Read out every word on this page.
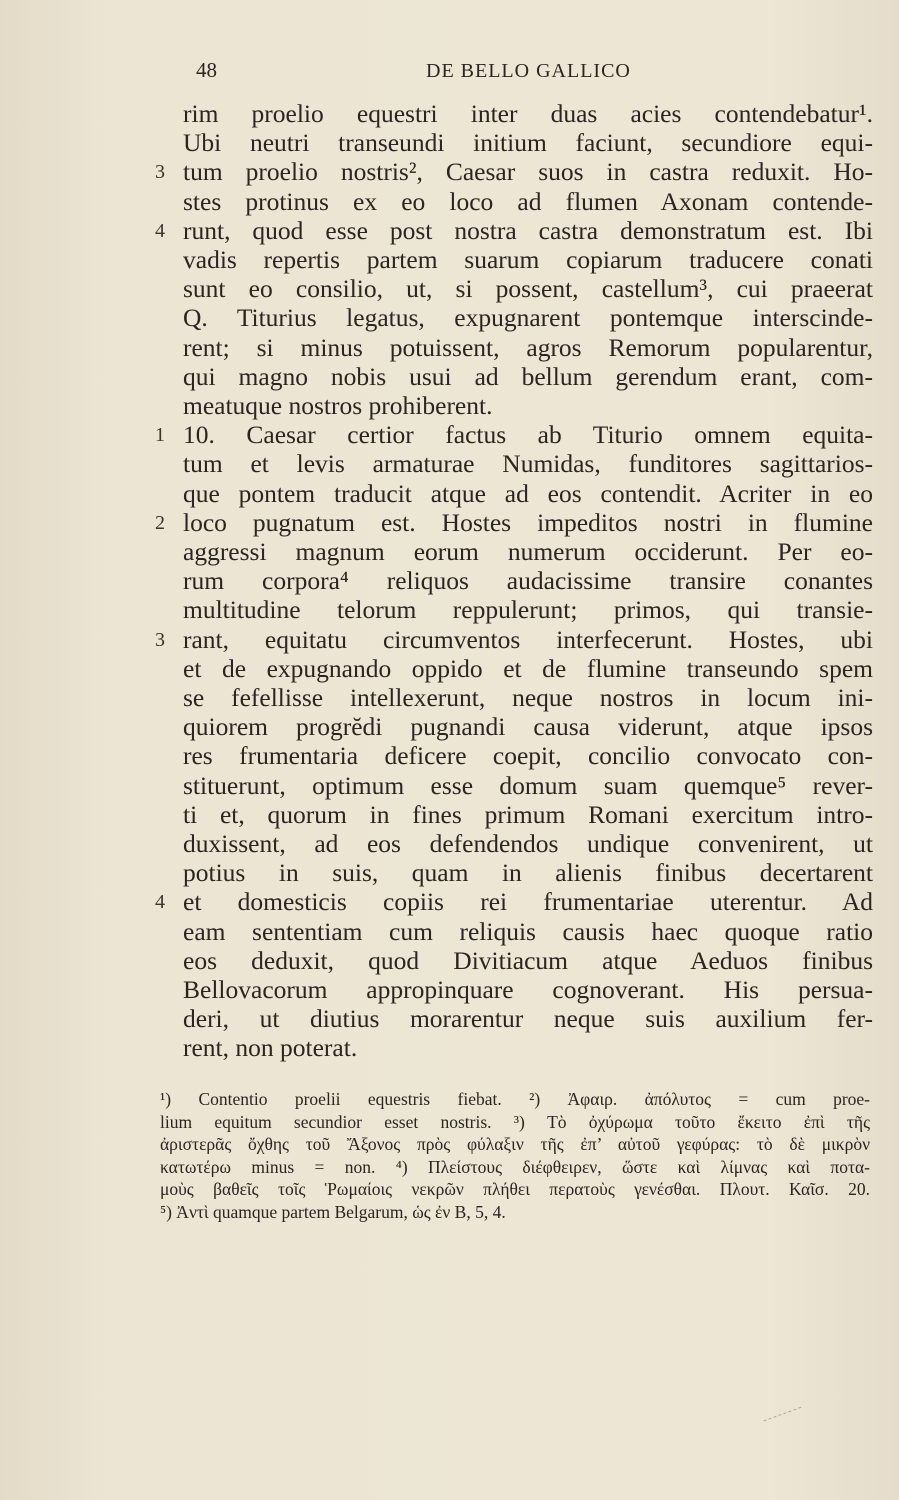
48	DE BELLO GALLICO
rim proelio equestri inter duas acies contendebatur¹.
Ubi neutri transeundi initium faciunt, secundiore equi-
tum proelio nostris², Caesar suos in castra reduxit. Ho-
3
stes protinus ex eo loco ad flumen Axonam contende-
runt, quod esse post nostra castra demonstratum est. Ibi
4
vadis repertis partem suarum copiarum traducere conati
sunt eo consilio, ut, si possent, castellum³, cui praeerat
Q. Titurius legatus, expugnarent pontemque interscinde-
rent; si minus potuissent, agros Remorum popularentur,
qui magno nobis usui ad bellum gerendum erant, com-
meatuque nostros prohiberent.
10. Caesar certior factus ab Titurio omnem equita-
1
tum et levis armaturae Numidas, funditores sagittarios-
que pontem traducit atque ad eos contendit. Acriter in eo
loco pugnatum est. Hostes impeditos nostri in flumine
2
aggressi magnum eorum numerum occiderunt. Per eo-
rum corpora⁴ reliquos audacissime transire conantes
multitudine telorum reppulerunt; primos, qui transie-
rant, equitatu circumventos interfecerunt. Hostes, ubi
3
et de expugnando oppido et de flumine transeundo spem
se fefellisse intellexerunt, neque nostros in locum ini-
quiorem progrĕdi pugnandi causa viderunt, atque ipsos
res frumentaria deficere coepit, concilio convocato con-
stituerunt, optimum esse domum suam quemque⁵ rever-
ti et, quorum in fines primum Romani exercitum intro-
duxissent, ad eos defendendos undique convenirent, ut
potius in suis, quam in alienis finibus decertarent
et domesticis copiis rei frumentariae uterentur. Ad
4
eam sententiam cum reliquis causis haec quoque ratio
eos deduxit, quod Divitiacum atque Aeduos finibus
Bellovacorum appropinquare cognoverant. His persua-
deri, ut diutius morarentur neque suis auxilium fer-
rent, non poterat.
¹) Contentio proelii equestris fiebat. ²) Ἀφαιρ. ἀπόλυτος = cum proe-
lium equitum secundior esset nostris. ³) Τὸ ὀχύρωμα τοῦτο ἔκειτο ἐπὶ τῆς
ἀριστερᾶς ὄχθης τοῦ Ἄξονος πρὸς φύλαξιν τῆς ἐπ’ αὐτοῦ γεφύρας: τὸ δὲ μικρὸν
κατωτέρω minus = non. ⁴) Πλείστους διέφθειρεν, ὥστε καὶ λίμνας καὶ ποτα-
μοὺς βαθεῖς τοῖς Ῥωμαίοις νεκρῶν πλήθει περατοὺς γενέσθαι. Πλουτ. Καῖσ. 20.
⁵) Ἀντὶ quamque partem Belgarum, ὡς ἐν B, 5, 4.
